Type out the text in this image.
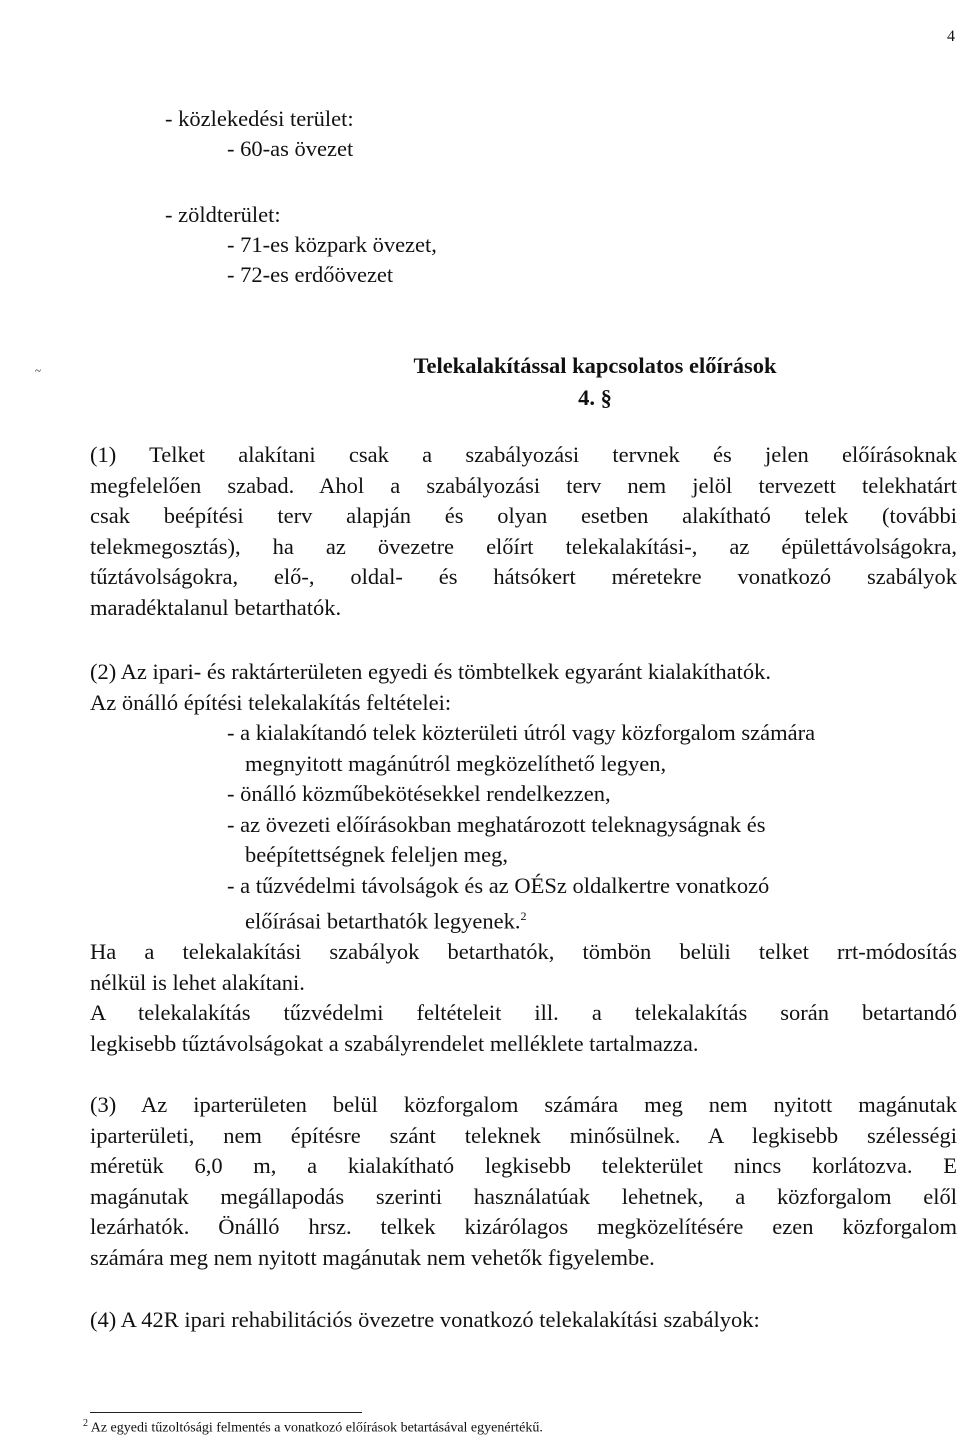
4
~
- közlekedési terület:
- 60-as övezet
- zöldterület:
- 71-es közpark övezet,
- 72-es erdőövezet
Telekalakítással kapcsolatos előírások
4. §
(1) Telket alakítani csak a szabályozási tervnek és jelen előírásoknak
megfelelően szabad. Ahol a szabályozási terv nem jelöl tervezett telekhatárt
csak beépítési terv alapján és olyan esetben alakítható telek (további
telekmegosztás), ha az övezetre előírt telekalakítási-, az épülettávolságokra,
tűztávolságokra, elő-, oldal- és hátsókert méretekre vonatkozó szabályok
maradéktalanul betarthatók.
(2) Az ipari- és raktárterületen egyedi és tömbtelkek egyaránt kialakíthatók.
Az önálló építési telekalakítás feltételei:
- a kialakítandó telek közterületi útról vagy közforgalom számára
megnyitott magánútról megközelíthető legyen,
- önálló közműbekötésekkel rendelkezzen,
- az övezeti előírásokban meghatározott teleknagyságnak és
beépítettségnek feleljen meg,
- a tűzvédelmi távolságok és az OÉSz oldalkertre vonatkozó
előírásai betarthatók legyenek.$^2$
Ha a telekalakítási szabályok betarthatók, tömbön belüli telket rrt-módosítás
nélkül is lehet alakítani.
A telekalakítás tűzvédelmi feltételeit ill. a telekalakítás során betartandó
legkisebb tűztávolságokat a szabályrendelet melléklete tartalmazza.
(3) Az iparterületen belül közforgalom számára meg nem nyitott magánutak
iparterületi, nem építésre szánt teleknek minősülnek. A legkisebb szélességi
méretük 6,0 m, a kialakítható legkisebb telekterület nincs korlátozva. E
magánutak megállapodás szerinti használatúak lehetnek, a közforgalom elől
lezárhatók. Önálló hrsz. telkek kizárólagos megközelítésére ezen közforgalom
számára meg nem nyitott magánutak nem vehetők figyelembe.
(4) A 42R ipari rehabilitációs övezetre vonatkozó telekalakítási szabályok:
$^2$ Az egyedi tűzoltósági felmentés a vonatkozó előírások betartásával egyenértékű.
